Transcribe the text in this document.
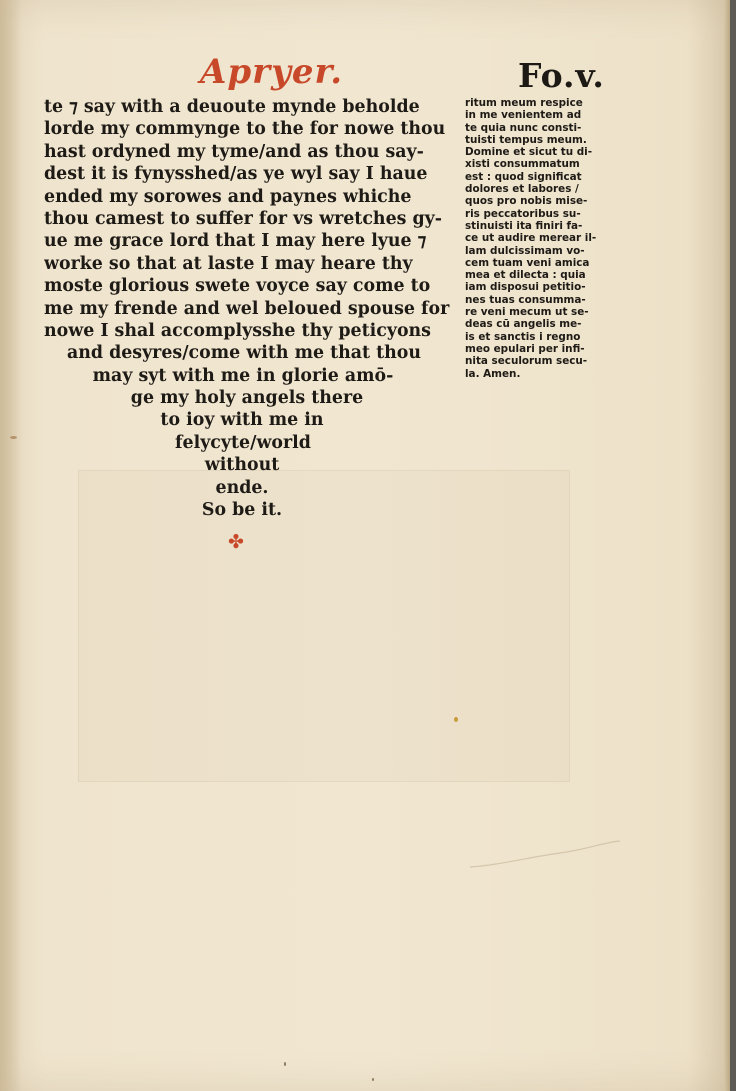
Apryer.	Fo.v.
te ⁊ say with a deuoute mynde beholde
lorde my commynge to the for nowe thou
hast ordyned my tyme/and as thou say-
dest it is fynysshed/as ye wyl say I haue
ended my sorowes and paynes whiche
thou camest to suffer for vs wretches gy-
ue me grace lord that I may here lyue ⁊
worke so that at laste I may heare thy
moste glorious swete voyce say come to
me my frende and wel beloued spouse for
nowe I shal accomplysshe thy peticyons
and desyres/come with me that thou
may syt with me in glorie amō-
ge my holy angels there
to ioy with me in
felycyte/world
without
ende.
So be it.
✤
ritum meum respice
in me venientem ad
te quia nunc consti-
tuisti tempus meum.
Domine et sicut tu di-
xisti consummatum
est : quod significat
dolores et labores /
quos pro nobis mise-
ris peccatoribus su-
stinuisti ita finiri fa-
ce ut audire merear il-
lam dulcissimam vo-
cem tuam veni amica
mea et dilecta : quia
iam disposui petitio-
nes tuas consumma-
re veni mecum ut se-
deas cū angelis me-
is et sanctis i regno
meo epulari per infi-
nita seculorum secu-
la. Amen.
